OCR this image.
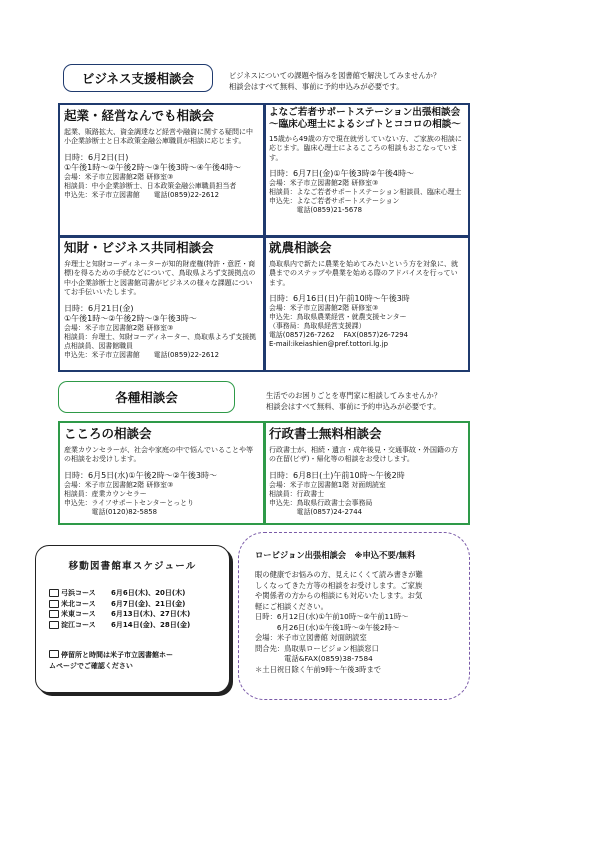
ビジネス支援相談会	ビジネスについての課題や悩みを図書館で解決してみませんか？
相談会はすべて無料、事前に予約申込みが必要です。
起業・経営なんでも相談会
起業、販路拡大、資金調達など経営や融資に関する疑問に中小企業診断士と日本政策金融公庫職員が相談に応じます。
日時：6月2日(日)
①午後1時～②午後2時～③午後3時～④午後4時～
会場：米子市立図書館2階 研修室③
相談員：中小企業診断士、日本政策金融公庫職員担当者
申込先：米子市立図書館　　電話(0859)22-2612
よなご若者サポートステーション出張相談会～臨床心理士によるシゴトとココロの相談～
15歳から49歳の方で現在就労していない方、ご家族の相談に応じます。臨床心理士によるこころの相談もおこなっています。
日時：6月7日(金)①午後3時②午後4時～
会場：米子市立図書館2階 研修室③
相談員：よなご若者サポートステーション相談員、臨床心理士
申込先：よなご若者サポートステーション
　　　　電話(0859)21-5678
知財・ビジネス共同相談会
弁理士と知財コーディネーターが知的財産権(特許・意匠・商標)を得るための手続などについて、鳥取県よろず支援拠点の中小企業診断士と図書館司書がビジネスの様々な課題についてお手伝いいたします。
日時：6月21日(金)
①午後1時～②午後2時～③午後3時～
会場：米子市立図書館2階 研修室③
相談員：弁理士、知財コーディネーター、鳥取県よろず支援拠点相談員、図書館職員
申込先：米子市立図書館　　電話(0859)22-2612
就農相談会
鳥取県内で新たに農業を始めてみたいという方を対象に、就農までのステップや農業を始める際のアドバイスを行っています。
日時：6月16日(日)午前10時～午後3時
会場：米子市立図書館2階 研修室③
申込先：鳥取県農業経営・就農支援センター
（事務局：鳥取県経営支援課）
電話(0857)26-7262　 FAX(0857)26-7294
E-mail:ikeiashien@pref.tottori.lg.jp
各種相談会	生活でのお困りごとを専門家に相談してみませんか？
相談会はすべて無料、事前に予約申込みが必要です。
こころの相談会
産業カウンセラーが、社会や家庭の中で悩んでいることや等の相談をお受けします。
日時：6月5日(水)①午後2時～②午後3時～
会場：米子市立図書館2階 研修室③
相談員：産業カウンセラー
申込先：ライフサポートセンターとっとり
　　　　電話(0120)82-5858
行政書士無料相談会
行政書士が、相続・遺言・成年後見・交通事故・外国籍の方の在留(ビザ)・帰化等の相談をお受けします。
日時：6月8日(土)午前10時～午後2時
会場：米子市立図書館1階 対面朗読室
相談員：行政書士
申込先：鳥取県行政書士会事務局
　　　　電話(0857)24-2744
移動図書館車スケジュール
弓浜コース	6月6日(木)、20日(木)
米北コース	6月7日(金)、21日(金)
米東コース	6月13日(木)、27日(木)
淀江コース	6月14日(金)、28日(金)
停留所と時間は米子市立図書館ホー
ムページでご確認ください
ロービジョン出張相談会　※申込不要/無料
眼の健康でお悩みの方、見えにくくて読み書きが難
しくなってきた方等の相談をお受けします。ご家族
や関係者の方からの相談にも対応いたします。お気
軽にご相談ください。
日時：6月12日(水)①午前10時～②午前11時～
　　　6月26日(水)①午後1時～②午後2時～
会場：米子市立図書館 対面朗読室
問合先：鳥取県ロービジョン相談窓口
　　　　電話&FAX(0859)38-7584
＊土日祝日除く午前9時～午後3時まで
